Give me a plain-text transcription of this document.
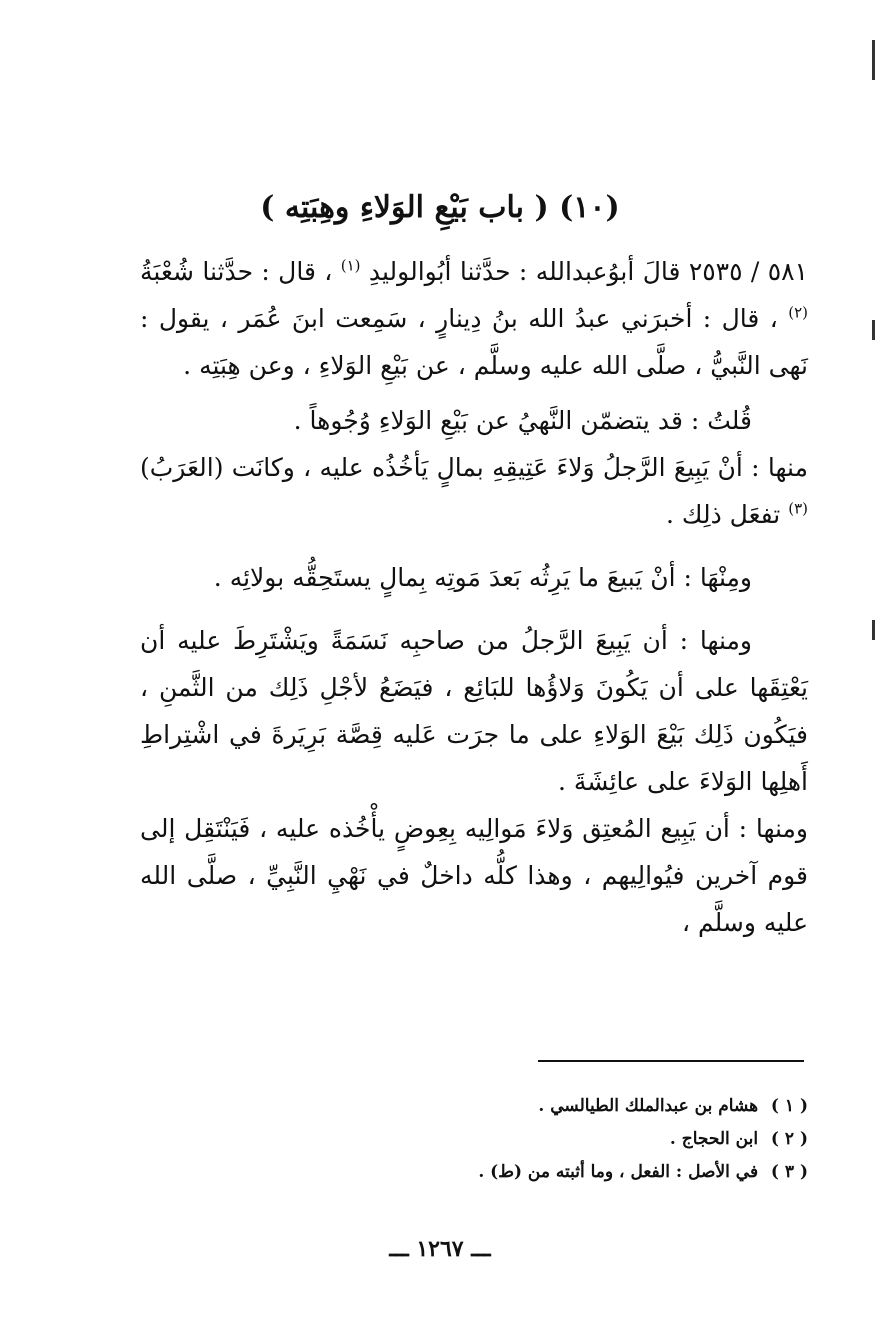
(١٠) ( باب بَيْعِ الوَلاءِ وهِبَتِه )

٥٨١ / ٢٥٣٥ قالَ أبوُعبدالله : حدَّثنا أبُوالوليدِ $^{(١)}$ ، قال : حدَّثنا شُعْبَةُ $^{(٢)}$ ، قال : أخبرَني عبدُ الله بنُ دِينارٍ ، سَمِعت ابنَ عُمَر ، يقول : نَهى النَّبيُّ ، صلَّى الله عليه وسلَّم ، عن بَيْعِ الوَلاءِ ، وعن هِبَتِه .

قُلتُ : قد يتضمّن النَّهيُ عن بَيْعِ الوَلاءِ وُجُوهاً .

منها : أنْ يَبِيعَ الرَّجلُ وَلاءَ عَتِيقِهِ بمالٍ يَأخُذُه عليه ، وكانَت (العَرَبُ) $^{(٣)}$ تفعَل ذلِك .

ومِنْهَا : أنْ يَبيعَ ما يَرِثُه بَعدَ مَوتِه بِمالٍ يستَحِقُّه بولائِه .

ومنها : أن يَبِيعَ الرَّجلُ من صاحبِه نَسَمَةً ويَشْتَرِطَ عليه أن يَعْتِقَها على أن يَكُونَ وَلاؤُها للبَائِع ، فيَضَعُ لأجْلِ ذَلِك من الثَّمنِ ، فيَكُون ذَلِك بَيْعَ الوَلاءِ على ما جرَت عَليه قِصَّة بَرِيَرةَ في اشْتِراطِ أَهلِها الوَلاءَ على عائِشَةَ .

ومنها : أن يَبِيع المُعتِق وَلاءَ مَوالِيه بِعِوضٍ يأْخُذه عليه ، فَيَنْتَقِل إلى قوم آخرين فيُوالِيهم ، وهذا كلُّه داخلٌ في نَهْيِ النَّبِيِّ ، صلَّى الله عليه وسلَّم ،

( ١ ) هشام بن عبدالملك الطيالسي .
( ٢ ) ابن الحجاج .
( ٣ ) في الأصل : الفعل ، وما أثبته من (ط) .
ـــ ١٢٦٧ ـــ
